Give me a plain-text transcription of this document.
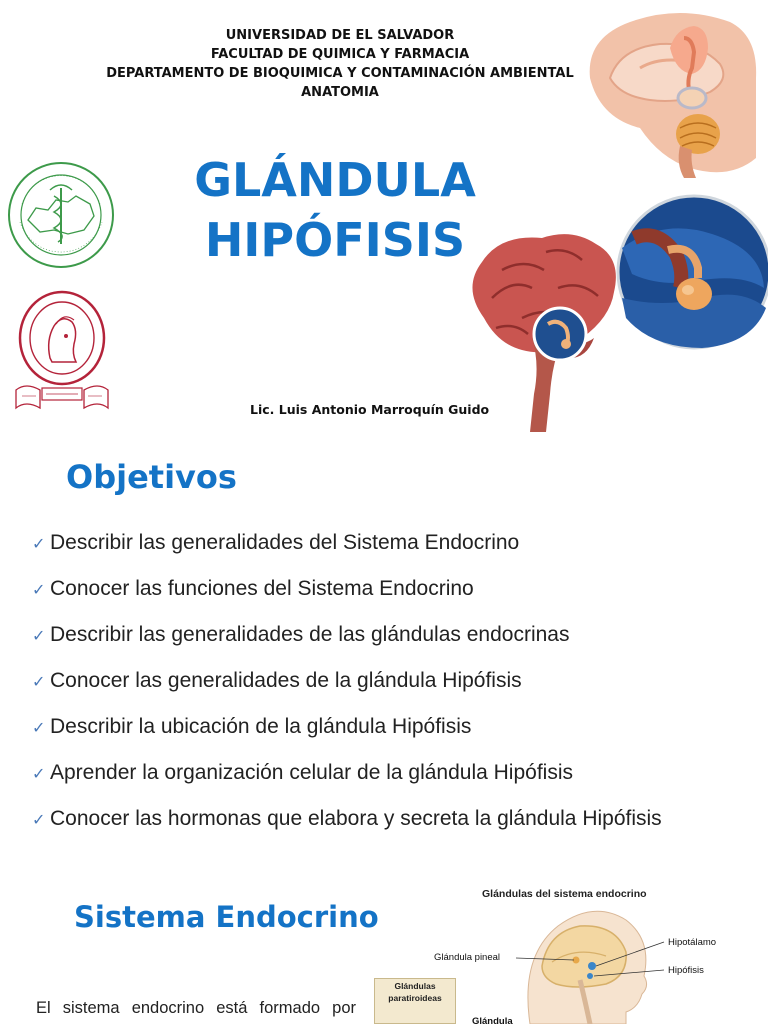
UNIVERSIDAD DE EL SALVADOR
FACULTAD DE QUIMICA Y FARMACIA
DEPARTAMENTO DE BIOQUIMICA Y CONTAMINACIÓN AMBIENTAL
ANATOMIA
GLÁNDULA
HIPÓFISIS
Lic. Luis Antonio Marroquín Guido
Objetivos
✓ Describir las generalidades del Sistema Endocrino
✓ Conocer las funciones del Sistema Endocrino
✓ Describir las generalidades de las glándulas endocrinas
✓ Conocer las generalidades de la glándula Hipófisis
✓ Describir la ubicación de la glándula Hipófisis
✓ Aprender la organización celular de la glándula Hipófisis
✓ Conocer las hormonas que elabora y secreta la glándula Hipófisis
Sistema Endocrino
El sistema endocrino está formado por
Glándulas del sistema endocrino
Hipotálamo
Glándula pineal
Hipófisis
Glándulas
paratiroideas
Glándula
